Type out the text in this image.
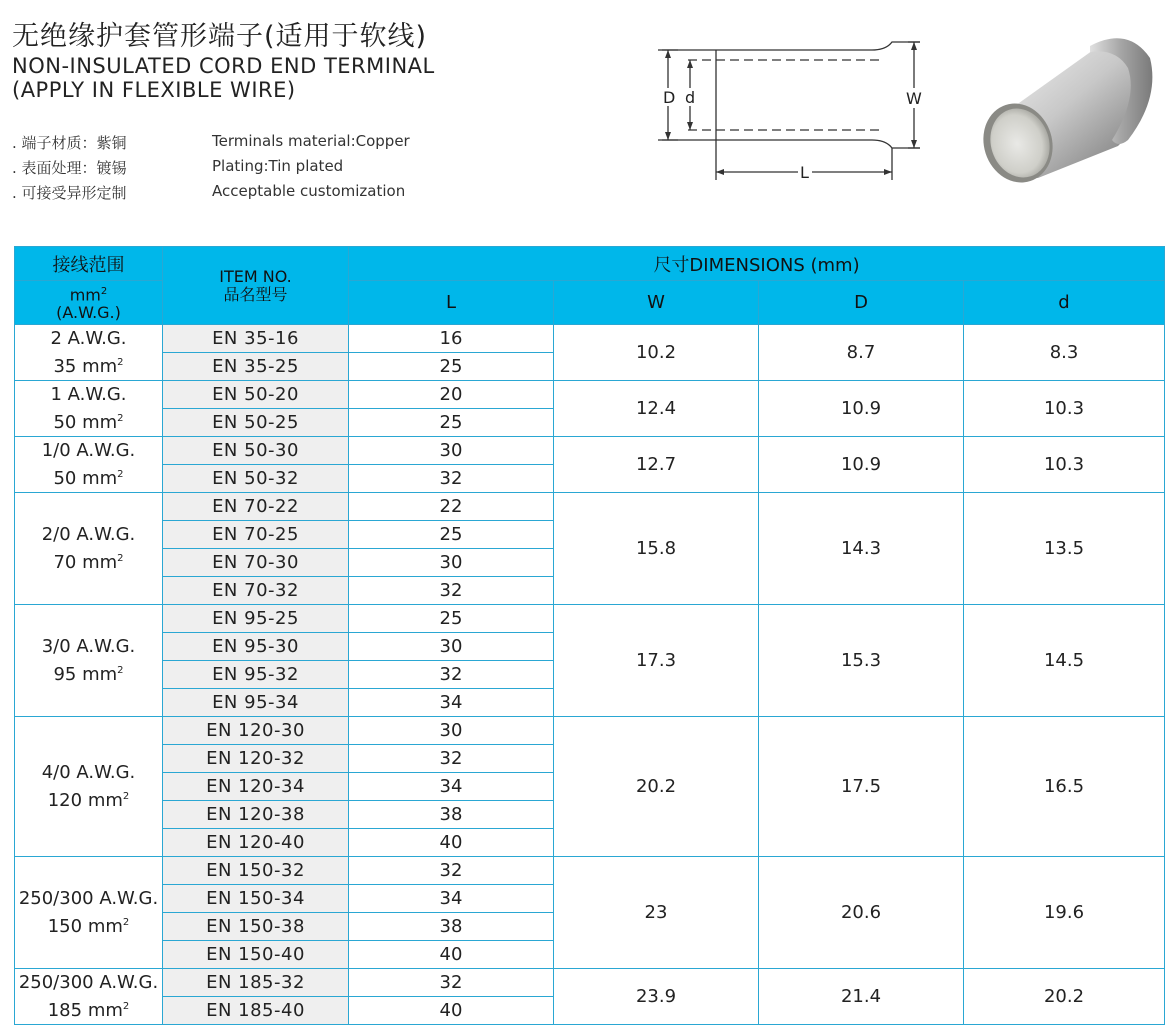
无绝缘护套管形端子(适用于软线)
NON-INSULATED CORD END TERMINAL
(APPLY IN FLEXIBLE WIRE)
. 端子材质：紫铜
. 表面处理：镀锡
. 可接受异形定制
Terminals material:Copper
Plating:Tin plated
Acceptable customization
D d	W
L
接线范围	ITEM NO.
品名型号	尺寸DIMENSIONS (mm)			

$mm^2$
(A.W.G.)		L	W	D	d

2 A.W.G.
35 $mm^2$	EN 35-16	16	10.2	8.7	8.3
	EN 35-25	25			

1 A.W.G.
50 $mm^2$	EN 50-20	20	12.4	10.9	10.3
	EN 50-25	25			

1/0 A.W.G.
50 $mm^2$	EN 50-30	30	12.7	10.9	10.3
	EN 50-32	32			

2/0 A.W.G.
70 $mm^2$	EN 70-22	22	15.8	14.3	13.5
	EN 70-25	25			
	EN 70-30	30			
	EN 70-32	32			

3/0 A.W.G.
95 $mm^2$	EN 95-25	25	17.3	15.3	14.5
	EN 95-30	30			
	EN 95-32	32			
	EN 95-34	34			

4/0 A.W.G.
120 $mm^2$	EN 120-30	30	20.2	17.5	16.5
	EN 120-32	32			
	EN 120-34	34			
	EN 120-38	38			
	EN 120-40	40			

250/300 A.W.G.
150 $mm^2$	EN 150-32	32	23	20.6	19.6
	EN 150-34	34			
	EN 150-38	38			
	EN 150-40	40			

250/300 A.W.G.
185 $mm^2$	EN 185-32	32	23.9	21.4	20.2
	EN 185-40	40			
